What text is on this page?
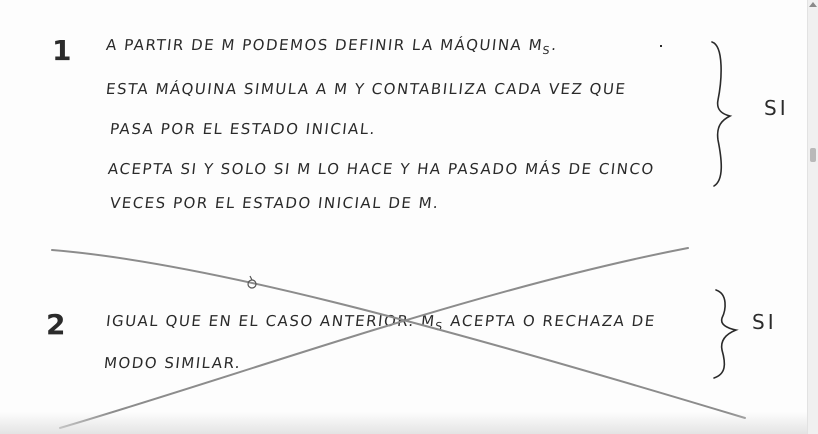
1 A PARTIR DE M PODEMOS DEFINIR LA MÁQUINA $M_S$.
ESTA MÁQUINA SIMULA A M Y CONTABILIZA CADA VEZ QUE
PASA POR EL ESTADO INICIAL.
ACEPTA SI Y SOLO SI M LO HACE Y HA PASADO MÁS DE CINCO
VECES POR EL ESTADO INICIAL DE M.
SI
2	IGUAL QUE EN EL CASO ANTERIOR. $M_S$ ACEPTA O RECHAZA DE
MODO SIMILAR.
SI
